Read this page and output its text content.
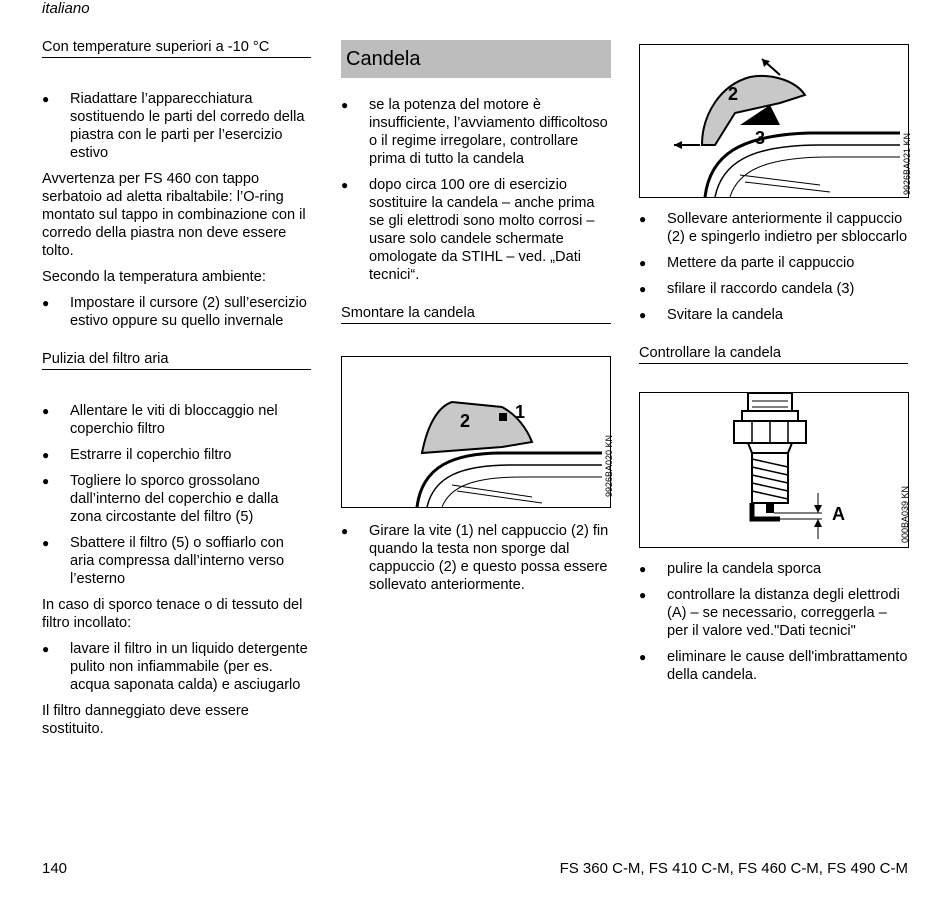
italiano
Con temperature superiori a -10 °C
● Riadattare l’apparecchiatura sostituendo le parti del corredo della piastra con le parti per l’esercizio estivo

Avvertenza per FS 460 con tappo serbatoio ad aletta ribaltabile: l’O-ring montato sul tappo in combinazione con il corredo della piastra non deve essere tolto.

Secondo la temperatura ambiente:

● Impostare il cursore (2) sull’esercizio estivo oppure su quello invernale
Pulizia del filtro aria
● Allentare le viti di bloccaggio nel coperchio filtro
● Estrarre il coperchio filtro
● Togliere lo sporco grossolano dall’interno del coperchio e dalla zona circostante del filtro (5)
● Sbattere il filtro (5) o soffiarlo con aria compressa dall’interno verso l’esterno

In caso di sporco tenace o di tessuto del filtro incollato:

● lavare il filtro in un liquido detergente pulito non infiammabile (per es. acqua saponata calda) e asciugarlo

Il filtro danneggiato deve essere sostituito.

Candela
● se la potenza del motore è insufficiente, l’avviamento difficoltoso o il regime irregolare, controllare prima di tutto la candela
● dopo circa 100 ore di esercizio sostituire la candela – anche prima se gli elettrodi sono molto corrosi – usare solo candele schermate omologate da STIHL – ved. „Dati tecnici“.
Smontare la candela
2 1
9926BA020 KN
● Girare la vite (1) nel cappuccio (2) fin quando la testa non sporge dal cappuccio (2) e questo possa essere sollevato anteriormente.
2
3	9926BA021 KN
● Sollevare anteriormente il cappuccio (2) e spingerlo indietro per sbloccarlo
● Mettere da parte il cappuccio
● sfilare il raccordo candela (3)
● Svitare la candela
Controllare la candela
A	000BA039 KN
● pulire la candela sporca
● controllare la distanza degli elettrodi (A) – se necessario, correggerla – per il valore ved."Dati tecnici"
● eliminare le cause dell'imbrattamento della candela.
140	FS 360 C-M, FS 410 C-M, FS 460 C-M, FS 490 C-M
